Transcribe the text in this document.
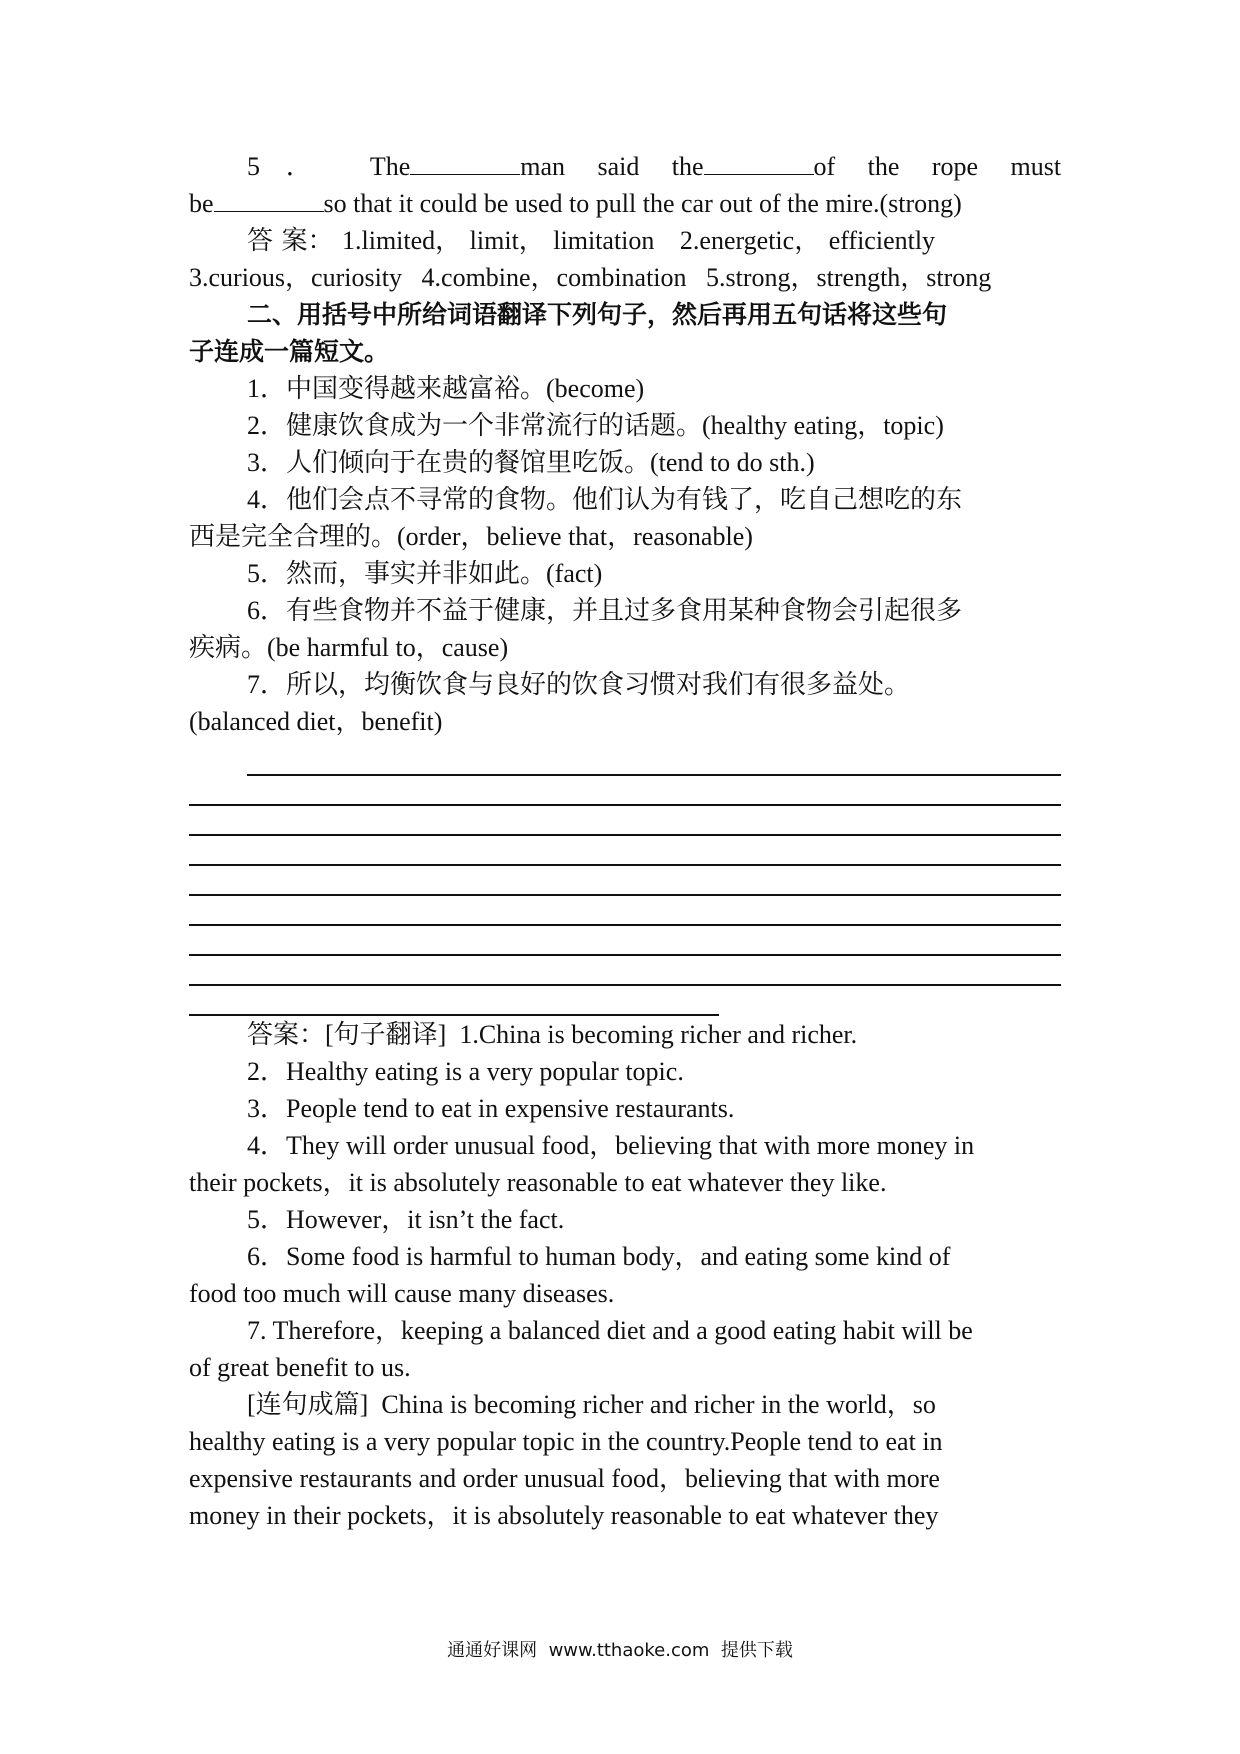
5． The	man said the	of the rope must
be	so that it could be used to pull the car out of the mire.(strong)
答 案： 1.limited， limit， limitation   2.energetic， efficiently
3.curious，curiosity   4.combine，combination   5.strong，strength，strong
二、用括号中所给词语翻译下列句子，然后再用五句话将这些句
子连成一篇短文。
1．中国变得越来越富裕。(become)
2．健康饮食成为一个非常流行的话题。(healthy eating，topic)
3．人们倾向于在贵的餐馆里吃饭。(tend to do sth.)
4．他们会点不寻常的食物。他们认为有钱了，吃自己想吃的东
西是完全合理的。(order，believe that，reasonable)
5．然而，事实并非如此。(fact)
6．有些食物并不益于健康，并且过多食用某种食物会引起很多
疾病。(be harmful to，cause)
7．所以，均衡饮食与良好的饮食习惯对我们有很多益处。
(balanced diet，benefit)
答案：[句子翻译] 1.China is becoming richer and richer.
2．Healthy eating is a very popular topic.
3．People tend to eat in expensive restaurants.
4．They will order unusual food，believing that with more money in
their pockets，it is absolutely reasonable to eat whatever they like.
5．However，it isn’t the fact.
6．Some food is harmful to human body，and eating some kind of
food too much will cause many diseases.
7. Therefore，keeping a balanced diet and a good eating habit will be
of great benefit to us.
[连句成篇] China is becoming richer and richer in the world，so
healthy eating is a very popular topic in the country.People tend to eat in
expensive restaurants and order unusual food，believing that with more
money in their pockets，it is absolutely reasonable to eat whatever they
通通好课网  www.tthaoke.com  提供下载
